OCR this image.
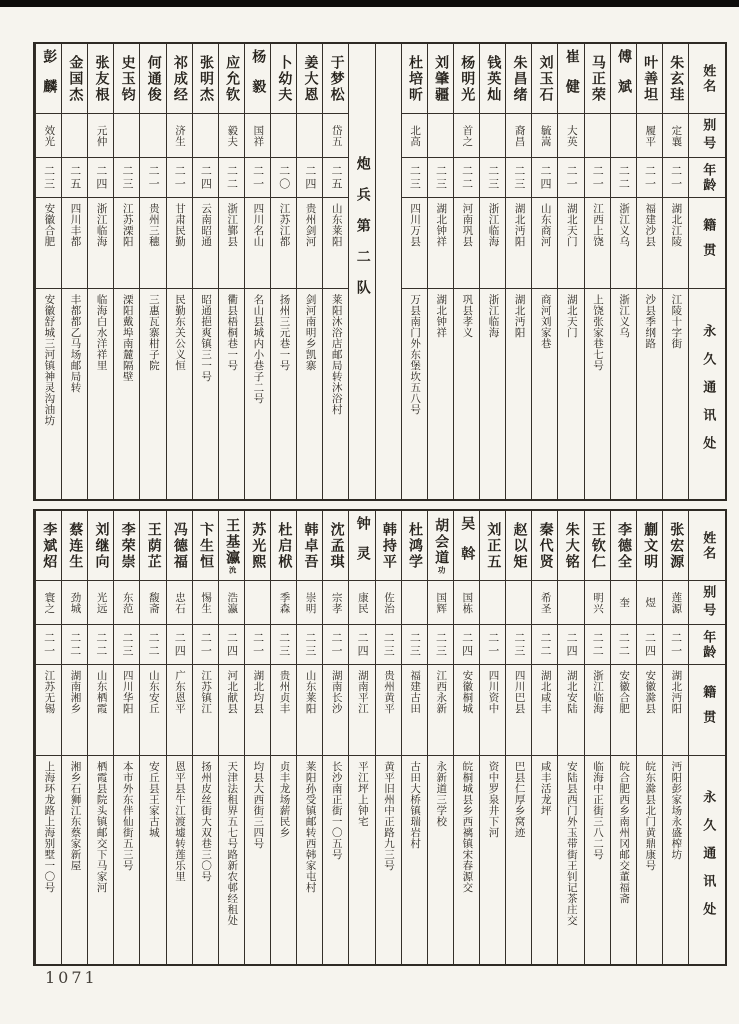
姓名
别号
年龄
籍贯
永久通讯处
朱玄珪
定襄
二一
湖北江陵
江陵十字街
叶善坦
履平
二一
福建沙县
沙县季纲路
傅斌
二二
浙江义乌
浙江义乌
马正荣
二一
江西上饶
上饶张家巷七号
崔健
大英
二一
湖北天门
湖北天门
刘玉石
毓嵩
二四
山东商河
商河刘家巷
朱昌绪
裔昌
二三
湖北沔阳
湖北沔阳
钱英灿
二三
浙江临海
浙江临海
杨明光
首之
二二
河南巩县
巩县孝义
刘肇疆
二三
湖北钟祥
湖北钟祥
杜培昕
北高
二三
四川万县
万县南门外东堡坎五八号
炮兵第二队
于梦松
岱五
二五
山东莱阳
莱阳沐浴店邮局转沐浴村
姜大恩
二四
贵州剑河
剑河南明乡凯寨
卜幼夫
二〇
江苏江都
扬州三元巷一号
杨毅
国祥
二一
四川名山
名山县城内小巷子二号
应允钦
毅夫
二二
浙江鄞县
衢县梧桐巷一号
张明杰
二四
云南昭通
昭通挹爽镇三一号
祁成经
济生
二一
甘肃民勤
民勤东关公义恒
何通俊
二一
贵州三穗
三惠瓦寨柑子院
史玉钧
二三
江苏溧阳
溧阳戴埠南麓隔壁
张友根
元仲
二四
浙江临海
临海白水洋祥里
金国杰
二五
四川丰都
丰都都乙马场邮局转
彭麟
效光
二三
安徽合肥
安徽舒城三河镇神灵沟油坊
姓名
别号
年龄
籍贯
永久通讯处
张宏源
莲源
二一
湖北沔阳
沔阳彭家场永盛榨坊
蒯文明
煜
二四
安徽滁县
皖东滁县北门黄鼎康号
李德全
奎
二二
安徽合肥
皖合肥西乡南州冈邮交董福斋
王钦仁
明兴
二二
浙江临海
临海中正街三八二号
朱大铭
二四
湖北安陆
安陆县西门外玉带街王钊记茶庄交
秦代贤
希圣
二二
湖北咸丰
咸丰活龙坪
赵以矩
二三
四川巴县
巴县仁厚乡窝迹
刘正五
二一
四川资中
资中罗泉井下河
吴斡
国栋
二四
安徽桐城
皖桐城县乡西褵镇宋春源交
胡会道功
国辉
二三
江西永新
永新道三学校
杜鸿学
二三
福建古田
古田大桥镇瑞岩村
韩持平
佐治
二三
贵州黄平
黄平旧州中正路九三号
钟灵
康民
二四
湖南平江
平江坪上钟宅
沈孟琪
宗孝
二一
湖南长沙
长沙南正街一〇五号
韩卓吾
崇明
二三
山东莱阳
莱阳孙受镇邮转西韩家屯村
杜启栿
季森
二三
贵州贞丰
贞丰龙场薪民乡
苏光熙
二一
湖北均县
均县大西街三四号
王基瀛沇
浩瀛
二四
河北献县
天津法租界五七号路新农邨经租处
卞生恒
惕生
二一
江苏镇江
扬州皮丝街大双巷三〇号
冯德福
忠石
二四
广东恩平
恩平县牛江渡墟转莲乐里
王荫芷
馥斋
二二
山东安丘
安丘县王家古城
李荣崇
东范
二三
四川华阳
本市外东伴仙街五三号
刘继向
光远
二二
山东栖霞
栖霞县院头镇邮交下马家河
蔡连生
劲城
二二
湖南湘乡
湘乡石狮江东蔡家新屋
李斌炤
寰之
二一
江苏无锡
上海环龙路上海别墅一〇号
1071
